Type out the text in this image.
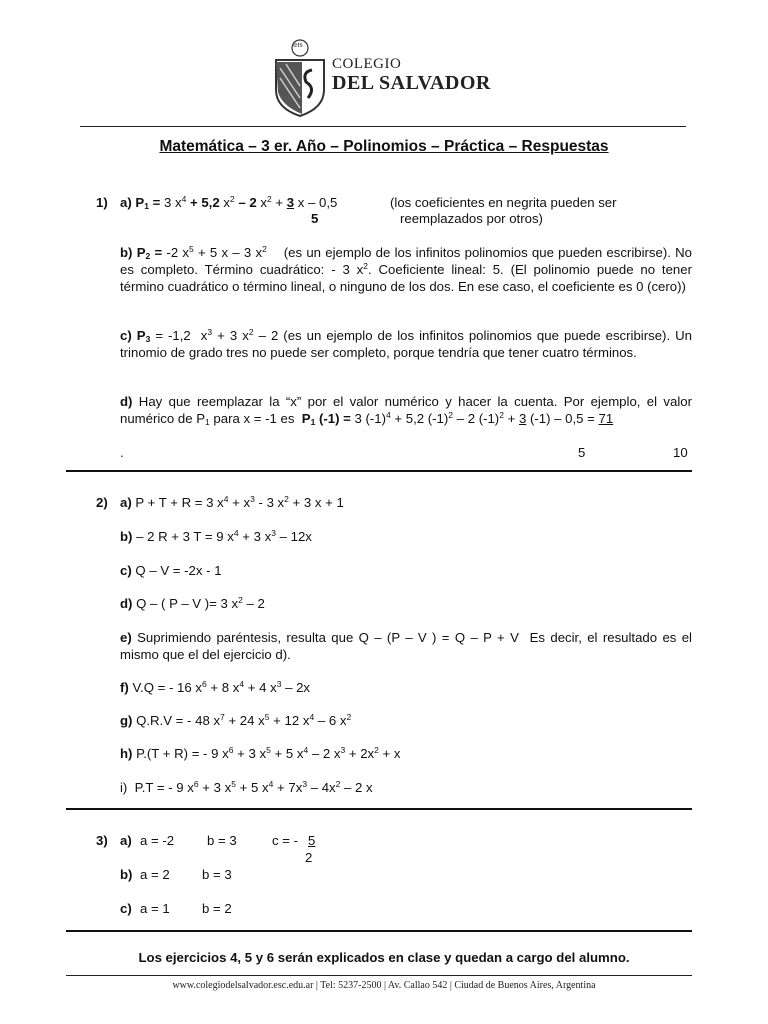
IHS
COLEGIO
DEL SALVADOR
Matemática – 3 er. Año – Polinomios – Práctica – Respuestas
1) a) $P_1 = 3$ $x^4 + 5,2$ $x^2 - 2$ $x^2 + 3$ x – 0,5
5
(los coeficientes en negrita pueden ser
reemplazados por otros)
b) $P_2 = -2$ $x^5 + 5$ x – 3 $x^2$    (es un ejemplo de los infinitos polinomios que pueden escribirse). No es completo. Término cuadrático: - 3 $x^2$. Coeficiente lineal: 5. (El polinomio puede no tener término cuadrático o término lineal, o ninguno de los dos. En ese caso, el coeficiente es 0 (cero))
c) $P_3 = -1,2$  $x^3 + 3$ $x^2 - 2$ (es un ejemplo de los infinitos polinomios que puede escribirse). Un trinomio de grado tres no puede ser completo, porque tendría que tener cuatro términos.
d) Hay que reemplazar la “x” por el valor numérico y hacer la cuenta. Por ejemplo, el valor numérico de $P_1$ para x = -1 es  $P_1$ (-1) = 3 $(-1)^4 + 5,2$ $(-1)^2 - 2$ $(-1)^2 + 3$ (-1) – 0,5 = 71
.	5	10
2) a) P + T + R = 3 $x^4 + x^3 - 3$ $x^2 + 3$ x + 1
b) – 2 R + 3 T = 9 $x^4 + 3$ $x^3 - 12x$
c) Q – V = -2x - 1
d) Q – ( P – V )= 3 $x^2 - 2$
e) Suprimiendo paréntesis, resulta que Q – (P – V ) = Q – P + V  Es decir, el resultado es el mismo que el del ejercicio d).
f) V.Q = - 16 $x^6 + 8$ $x^4 + 4$ $x^3 - 2x$
g) Q.R.V = - 48 $x^7 + 24$ $x^5 + 12$ $x^4 - 6$ $x^2$
h) P.(T + R) = - 9 $x^6 + 3$ $x^5 + 5$ $x^4 - 2$ $x^3 + 2x^2 + x$
i)  P.T = - 9 $x^6 + 3$ $x^5 + 5$ $x^4 + 7x^3 - 4x^2 - 2$ x
3) a) a = -2 b = 3	c = - 5
2
b) a = 2 b = 3
c) a = 1 b = 2
Los ejercicios 4, 5 y 6 serán explicados en clase y quedan a cargo del alumno.
www.colegiodelsalvador.esc.edu.ar | Tel: 5237-2500 | Av. Callao 542 | Ciudad de Buenos Aires, Argentina
